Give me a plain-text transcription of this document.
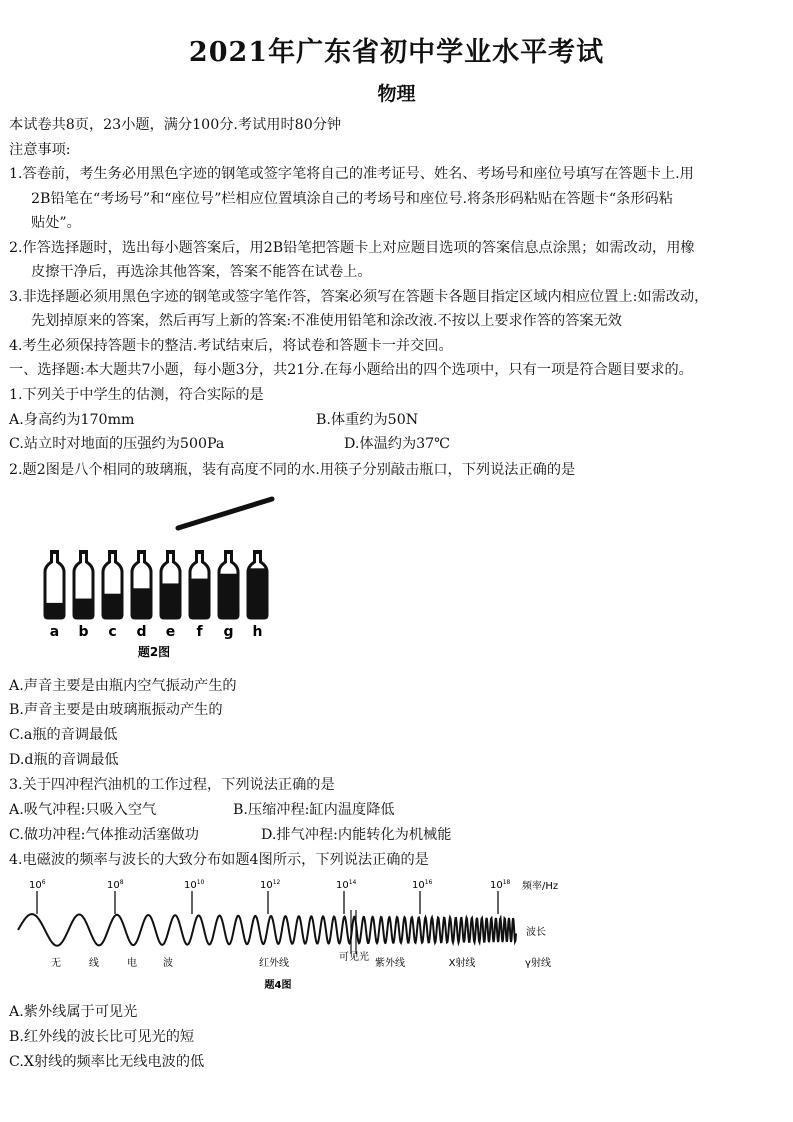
2021年广东省初中学业水平考试
物理
本试卷共8页，23小题，满分100分.考试用时80分钟
注意事项:
1.答卷前，考生务必用黑色字迹的钢笔或签字笔将自己的准考证号、姓名、考场号和座位号填写在答题卡上.用
2B铅笔在“考场号”和“座位号”栏相应位置填涂自己的考场号和座位号.将条形码粘贴在答题卡“条形码粘
贴处”。
2.作答选择题时，选出每小题答案后，用2B铅笔把答题卡上对应题目选项的答案信息点涂黑；如需改动，用橡
皮擦干净后，再选涂其他答案，答案不能答在试卷上。
3.非选择题必须用黑色字迹的钢笔或签字笔作答，答案必须写在答题卡各题目指定区域内相应位置上:如需改动，
先划掉原来的答案，然后再写上新的答案:不准使用铅笔和涂改液.不按以上要求作答的答案无效
4.考生必须保持答题卡的整洁.考试结束后，将试卷和答题卡一并交回。
一、选择题:本大题共7小题，每小题3分，共21分.在每小题给出的四个选项中，只有一项是符合题目要求的。
1.下列关于中学生的估测，符合实际的是
A.身高约为170mm	B.体重约为50N
C.站立时对地面的压强约为500Pa	D.体温约为37℃
2.题2图是八个相同的玻璃瓶，装有高度不同的水.用筷子分别敲击瓶口，下列说法正确的是
a b c d e f g h
题2图
A.声音主要是由瓶内空气振动产生的
B.声音主要是由玻璃瓶振动产生的
C.a瓶的音调最低
D.d瓶的音调最低
3.关于四冲程汽油机的工作过程，下列说法正确的是
A.吸气冲程:只吸入空气	B.压缩冲程:缸内温度降低
C.做功冲程:气体推动活塞做功	D.排气冲程:内能转化为机械能
4.电磁波的频率与波长的大致分布如题4图所示，下列说法正确的是
$10^6$	$10^8$	$10^{10}$	$10^{12}$	$10^{14}$	$10^{16}$	$10^{18}$ 频率/Hz
波长
无	线	电	波	红外线
可见光
紫外线	X射线	γ射线
题4图
A.紫外线属于可见光
B.红外线的波长比可见光的短
C.X射线的频率比无线电波的低
